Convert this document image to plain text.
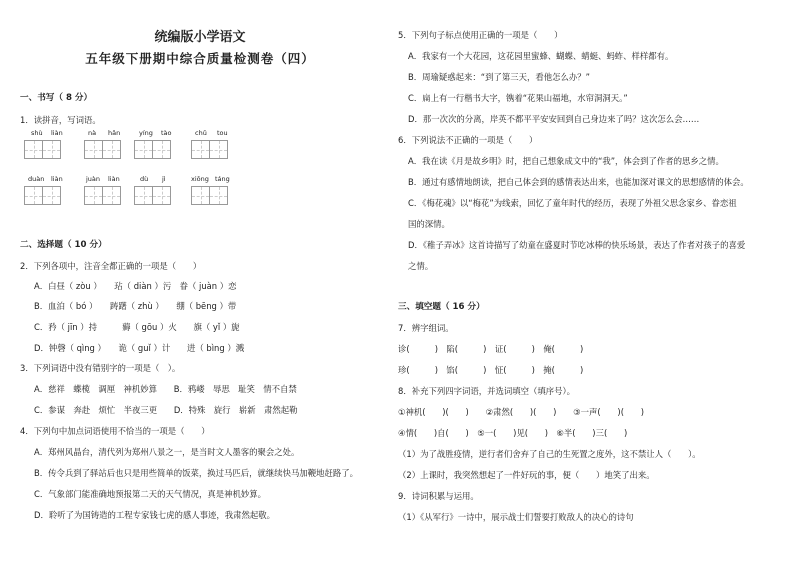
统编版小学语文
五年级下册期中综合质量检测卷（四）
一、书写（ 8 分）
1．读拼音，写词语。
shù liàn	nà hǎn	yíng tào	chǔ tou
duàn liàn	juàn liàn	dù jì	xiōng táng
二、选择题（ 10 分）
2．下列各项中，注音全都正确的一项是（　　）
A．白昼（ zòu ）　　玷（ diàn ）污　眷（ juàn ）恋
B．血泊（ bó ）　　踌躇（ zhù ）　　绷（ bēng ）带
C．矜（ jīn ）持　　　薅（ gōu ）火　　旗（ yǐ ）旎
D．钟磬（ qìng ）　　诡（ guǐ ）计　　进（ bìng ）溅
3．下列词语中没有错别字的一项是（　）。
A．慈祥　蝶榄　调厘　神机妙算　　B．鸦嵝　辱思　耻笑　情不自禁
C．参谋　奔赴　烦忙　半夜三更　　D．特殊　旋行　崭新　肃然起勒
4．下列句中加点词语使用不恰当的一项是（　　）
A．郑州风晶台，清代列为郑州八景之一，是当时文人墨客的聚会之处。
B．传令兵到了驿站后也只是用些简单的饭菜，换过马匹后，就继续快马加鞭地赶路了。
C．气象部门能准确地预报第二天的天气情况，真是神机妙算。
D．聆听了为国铸造的工程专家钱七虎的感人事迹，我肃然起敬。
5．下列句子标点使用正确的一项是（　　）
A．我家有一个大花园，这花园里蜜蜂、蝴蝶、蜻蜓、蚂蚱、样样都有。
B．周瑜疑惑起来：“到了第三天，看他怎么办？”
C．扁上有一行楷书大字，镌着“花果山福地，水帘洞洞天。”
D．那一次次的分离，岸英不都平平安安回到自己身边来了吗？这次怎么会……
6．下列说法不正确的一项是（　　）
A．我在读《月是故乡明》时，把自己想象成文中的“我”，体会到了作者的思乡之情。
B．通过有感情地朗读，把自己体会到的感情表达出来，也能加深对课文的思想感情的体会。
C．《梅花魂》以“梅花”为线索，回忆了童年时代的经历，表现了外祖父思念家乡、眷恋祖
国的深情。
D．《稚子弄冰》这首诗描写了幼童在盛夏时节吃冰棒的快乐场景，表达了作者对孩子的喜爱
之情。
三、填空题（ 16 分）
7．辨字组词。
诊(　　　)　陷(　　　)　证(　　　)　俺(　　　)
珍(　　　)　馅(　　　)　怔(　　　)　掩(　　　)
8．补充下列四字词语，并选词填空（填序号）。
①神机(　　)(　　)　　②肃然(　　)(　　)　　③一声(　　)(　　)
④情(　　)自(　　)　⑤一(　　)见(　　)　⑥半(　　)三(　　)
（1）为了战胜疫情，逆行者们舍弃了自己的生死置之度外，这不禁让人（　　）。
（2）上课时，我突然想起了一件好玩的事，便（　　）地笑了出来。
9．诗词积累与运用。
（1）《从军行》一诗中，展示战士们誓要打败敌人的决心的诗句
